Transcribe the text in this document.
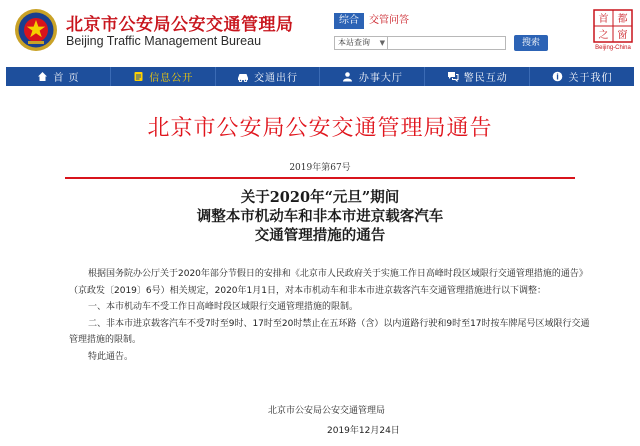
北京市公安局公安交通管理局
Beijing Traffic Management Bureau
综合	交管问答
本站查询 ▼	搜索
首 都
之 窗
Beijing-China
首 页	信息公开	交通出行	办事大厅	警民互动	i 关于我们
北京市公安局公安交通管理局通告
2019年第67号
关于2020年“元旦”期间
调整本市机动车和非本市进京载客汽车
交通管理措施的通告

根据国务院办公厅关于2020年部分节假日的安排和《北京市人民政府关于实施工作日高峰时段区域限行交通管理措施的通告》

（京政发〔2019〕6号）相关规定，2020年1月1日，对本市机动车和非本市进京载客汽车交通管理措施进行以下调整：

一、本市机动车不受工作日高峰时段区域限行交通管理措施的限制。

二、非本市进京载客汽车不受7时至9时、17时至20时禁止在五环路（含）以内道路行驶和9时至17时按车牌尾号区域限行交通

管理措施的限制。

特此通告。

北京市公安局公安交通管理局
2019年12月24日
